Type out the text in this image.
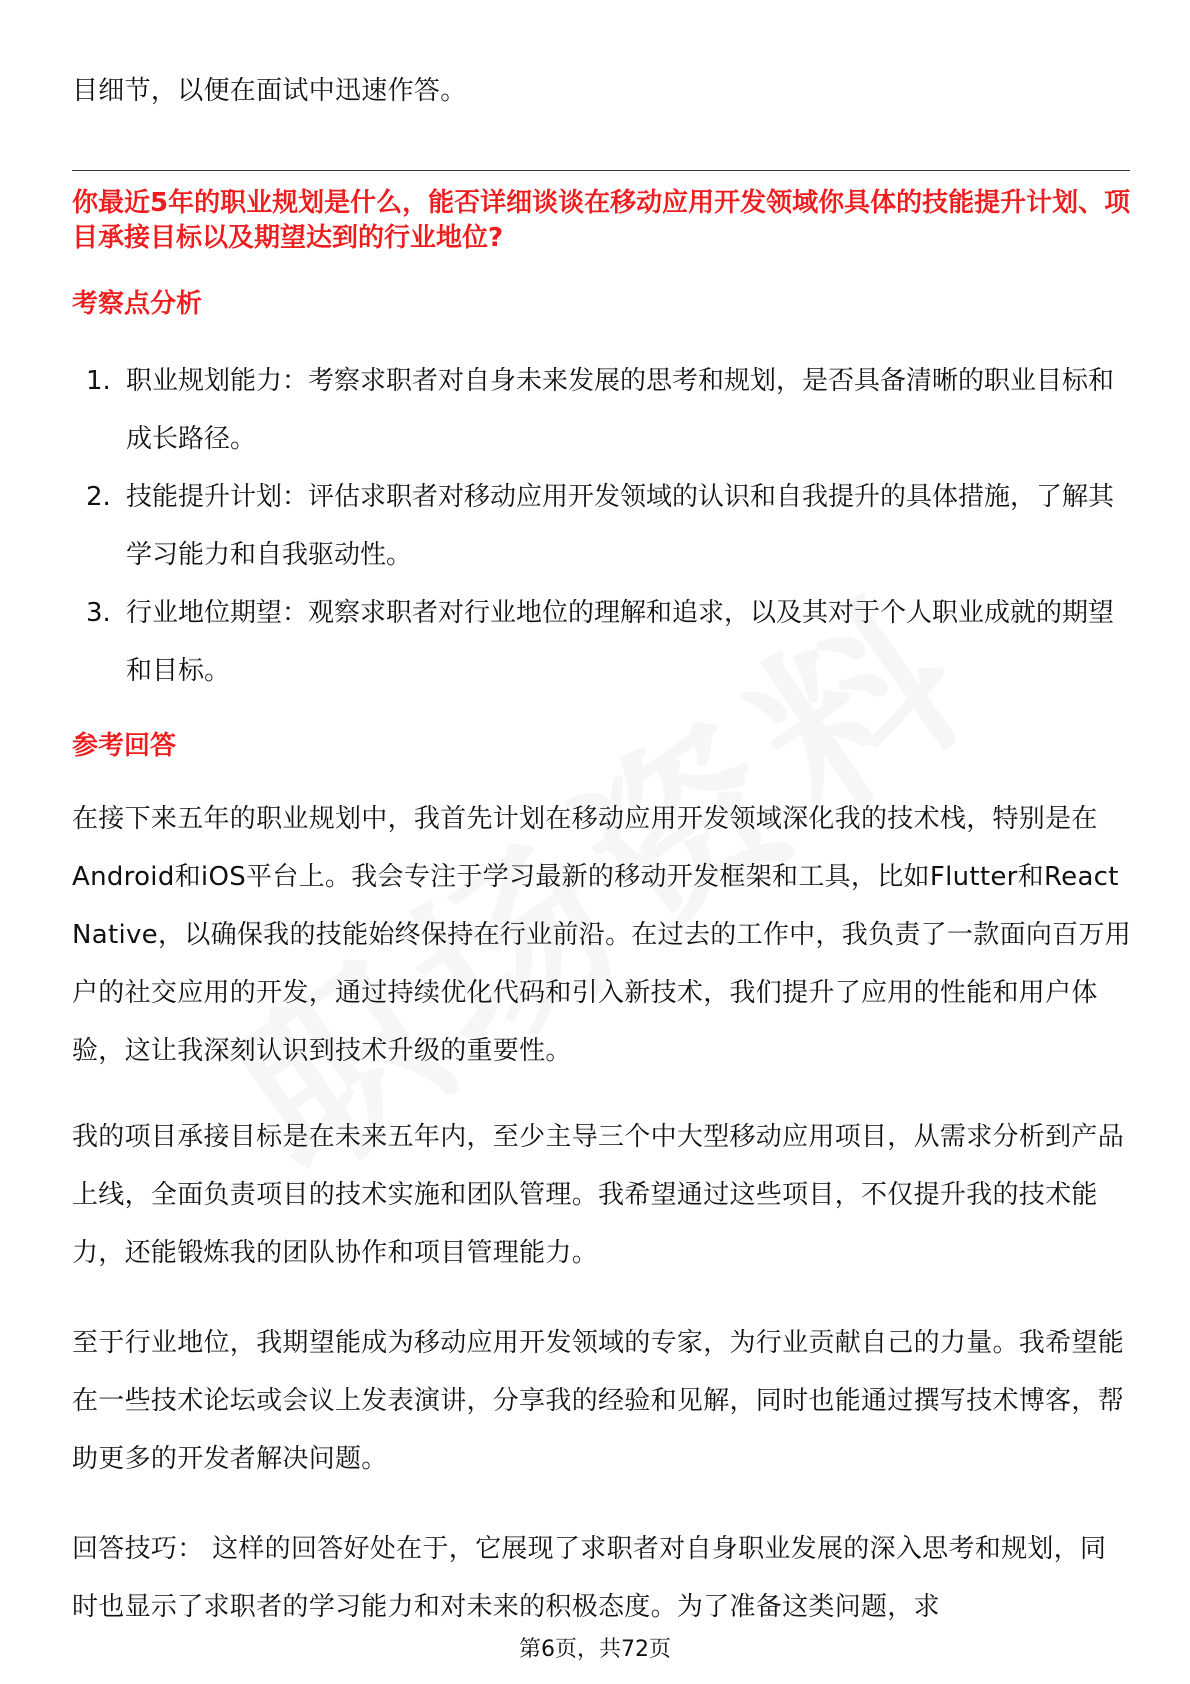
目细节，以便在面试中迅速作答。

你最近5年的职业规划是什么，能否详细谈谈在移动应用开发领域你具体的技能提升计划、项目承接目标以及期望达到的行业地位?

考察点分析

1. 职业规划能力：考察求职者对自身未来发展的思考和规划，是否具备清晰的职业目标和成长路径。
2. 技能提升计划：评估求职者对移动应用开发领域的认识和自我提升的具体措施，了解其学习能力和自我驱动性。
3. 行业地位期望：观察求职者对行业地位的理解和追求，以及其对于个人职业成就的期望和目标。

参考回答

在接下来五年的职业规划中，我首先计划在移动应用开发领域深化我的技术栈，特别是在Android和iOS平台上。我会专注于学习最新的移动开发框架和工具，比如Flutter和React Native，以确保我的技能始终保持在行业前沿。在过去的工作中，我负责了一款面向百万用户的社交应用的开发，通过持续优化代码和引入新技术，我们提升了应用的性能和用户体验，这让我深刻认识到技术升级的重要性。

我的项目承接目标是在未来五年内，至少主导三个中大型移动应用项目，从需求分析到产品上线，全面负责项目的技术实施和团队管理。我希望通过这些项目，不仅提升我的技术能力，还能锻炼我的团队协作和项目管理能力。

至于行业地位，我期望能成为移动应用开发领域的专家，为行业贡献自己的力量。我希望能在一些技术论坛或会议上发表演讲，分享我的经验和见解，同时也能通过撰写技术博客，帮助更多的开发者解决问题。

回答技巧： 这样的回答好处在于，它展现了求职者对自身职业发展的深入思考和规划，同时也显示了求职者的学习能力和对未来的积极态度。为了准备这类问题，求

第6页，共72页
